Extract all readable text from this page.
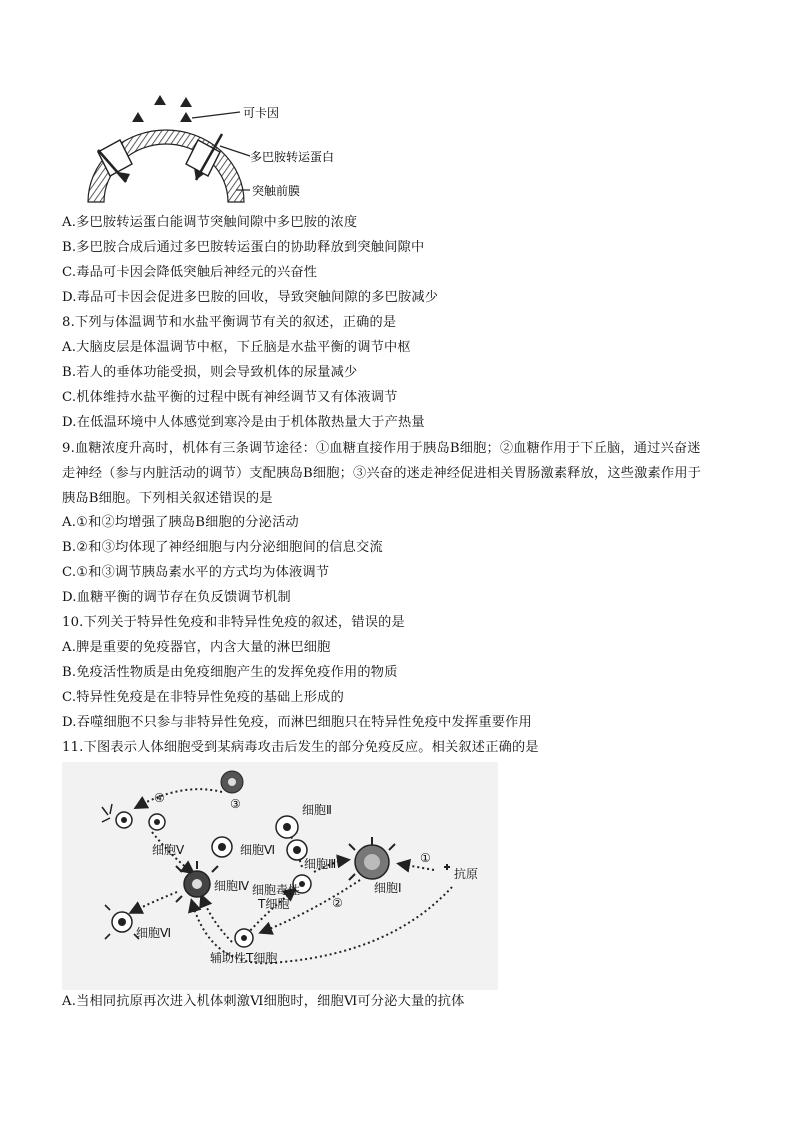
可卡因
多巴胺转运蛋白
突触前膜
A.多巴胺转运蛋白能调节突触间隙中多巴胺的浓度
B.多巴胺合成后通过多巴胺转运蛋白的协助释放到突触间隙中
C.毒品可卡因会降低突触后神经元的兴奋性
D.毒品可卡因会促进多巴胺的回收，导致突触间隙的多巴胺减少
8.下列与体温调节和水盐平衡调节有关的叙述，正确的是
A.大脑皮层是体温调节中枢，下丘脑是水盐平衡的调节中枢
B.若人的垂体功能受损，则会导致机体的尿量减少
C.机体维持水盐平衡的过程中既有神经调节又有体液调节
D.在低温环境中人体感觉到寒冷是由于机体散热量大于产热量
9.血糖浓度升高时，机体有三条调节途径：①血糖直接作用于胰岛B细胞；②血糖作用于下丘脑，通过兴奋迷
走神经（参与内脏活动的调节）支配胰岛B细胞；③兴奋的迷走神经促进相关胃肠激素释放，这些激素作用于
胰岛B细胞。下列相关叙述错误的是
A.①和②均增强了胰岛B细胞的分泌活动
B.②和③均体现了神经细胞与内分泌细胞间的信息交流
C.①和③调节胰岛素水平的方式均为体液调节
D.血糖平衡的调节存在负反馈调节机制
10.下列关于特异性免疫和非特异性免疫的叙述，错误的是
A.脾是重要的免疫器官，内含大量的淋巴细胞
B.免疫活性物质是由免疫细胞产生的发挥免疫作用的物质
C.特异性免疫是在非特异性免疫的基础上形成的
D.吞噬细胞不只参与非特异性免疫，而淋巴细胞只在特异性免疫中发挥重要作用
11.下图表示人体细胞受到某病毒攻击后发生的部分免疫反应。相关叙述正确的是
④	③
①
②
细胞Ⅱ
细胞Ⅴ	细胞Ⅵ
细胞Ⅲ
细胞Ⅰ
抗原
细胞Ⅳ 细胞毒性
T细胞
细胞Ⅵ
辅助性T细胞
A.当相同抗原再次进入机体刺激Ⅵ细胞时，细胞Ⅵ可分泌大量的抗体
